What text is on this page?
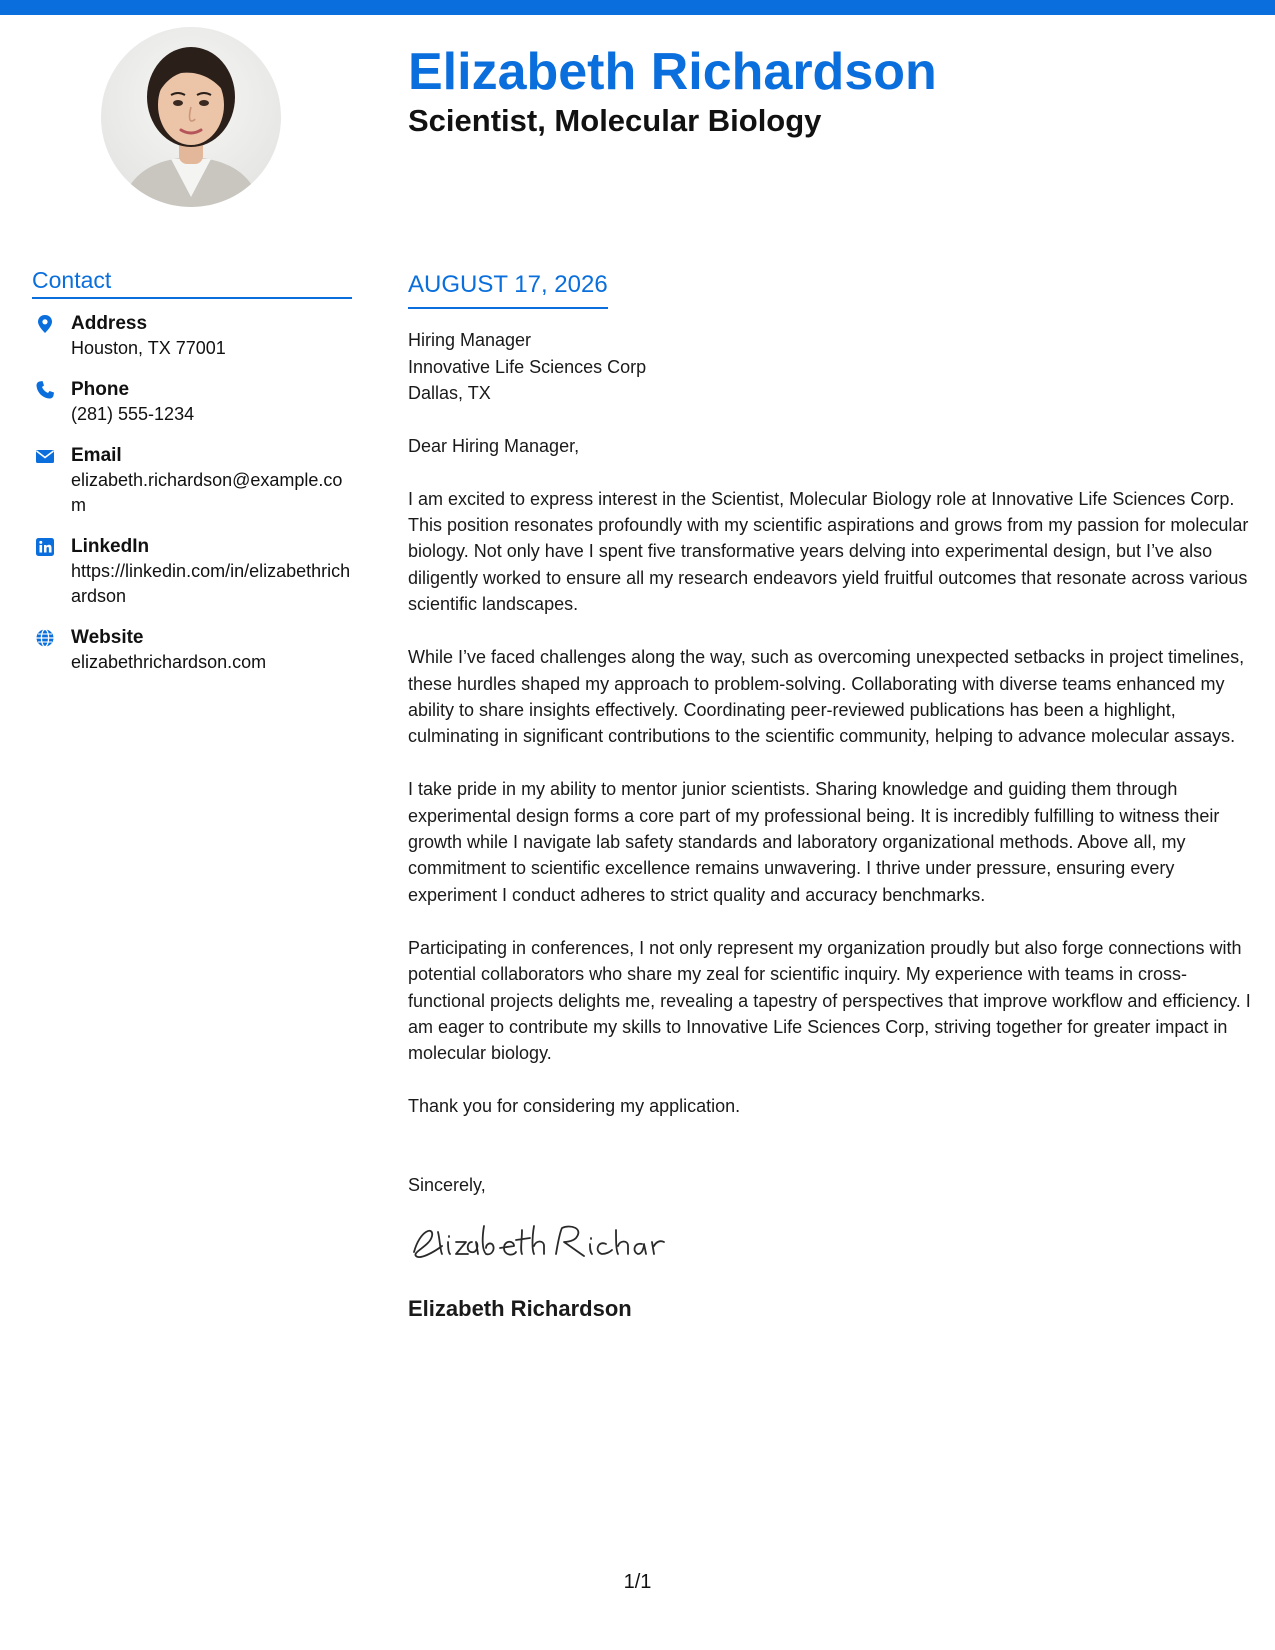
Elizabeth Richardson
Scientist, Molecular Biology
Contact
Address
Houston, TX 77001
Phone
(281) 555-1234
Email
elizabeth.richardson@example.com
LinkedIn
https://linkedin.com/in/elizabethrichardson
Website
elizabethrichardson.com
AUGUST 17, 2026
Hiring Manager
Innovative Life Sciences Corp
Dallas, TX

Dear Hiring Manager,

I am excited to express interest in the Scientist, Molecular Biology role at Innovative Life Sciences Corp. This position resonates profoundly with my scientific aspirations and grows from my passion for molecular biology. Not only have I spent five transformative years delving into experimental design, but I’ve also diligently worked to ensure all my research endeavors yield fruitful outcomes that resonate across various scientific landscapes.

While I’ve faced challenges along the way, such as overcoming unexpected setbacks in project timelines, these hurdles shaped my approach to problem-solving. Collaborating with diverse teams enhanced my ability to share insights effectively. Coordinating peer-reviewed publications has been a highlight, culminating in significant contributions to the scientific community, helping to advance molecular assays.

I take pride in my ability to mentor junior scientists. Sharing knowledge and guiding them through experimental design forms a core part of my professional being. It is incredibly fulfilling to witness their growth while I navigate lab safety standards and laboratory organizational methods. Above all, my commitment to scientific excellence remains unwavering. I thrive under pressure, ensuring every experiment I conduct adheres to strict quality and accuracy benchmarks.

Participating in conferences, I not only represent my organization proudly but also forge connections with potential collaborators who share my zeal for scientific inquiry. My experience with teams in cross-functional projects delights me, revealing a tapestry of perspectives that improve workflow and efficiency. I am eager to contribute my skills to Innovative Life Sciences Corp, striving together for greater impact in molecular biology.

Thank you for considering my application.

Sincerely,

Elizabeth Richardson
1/1
